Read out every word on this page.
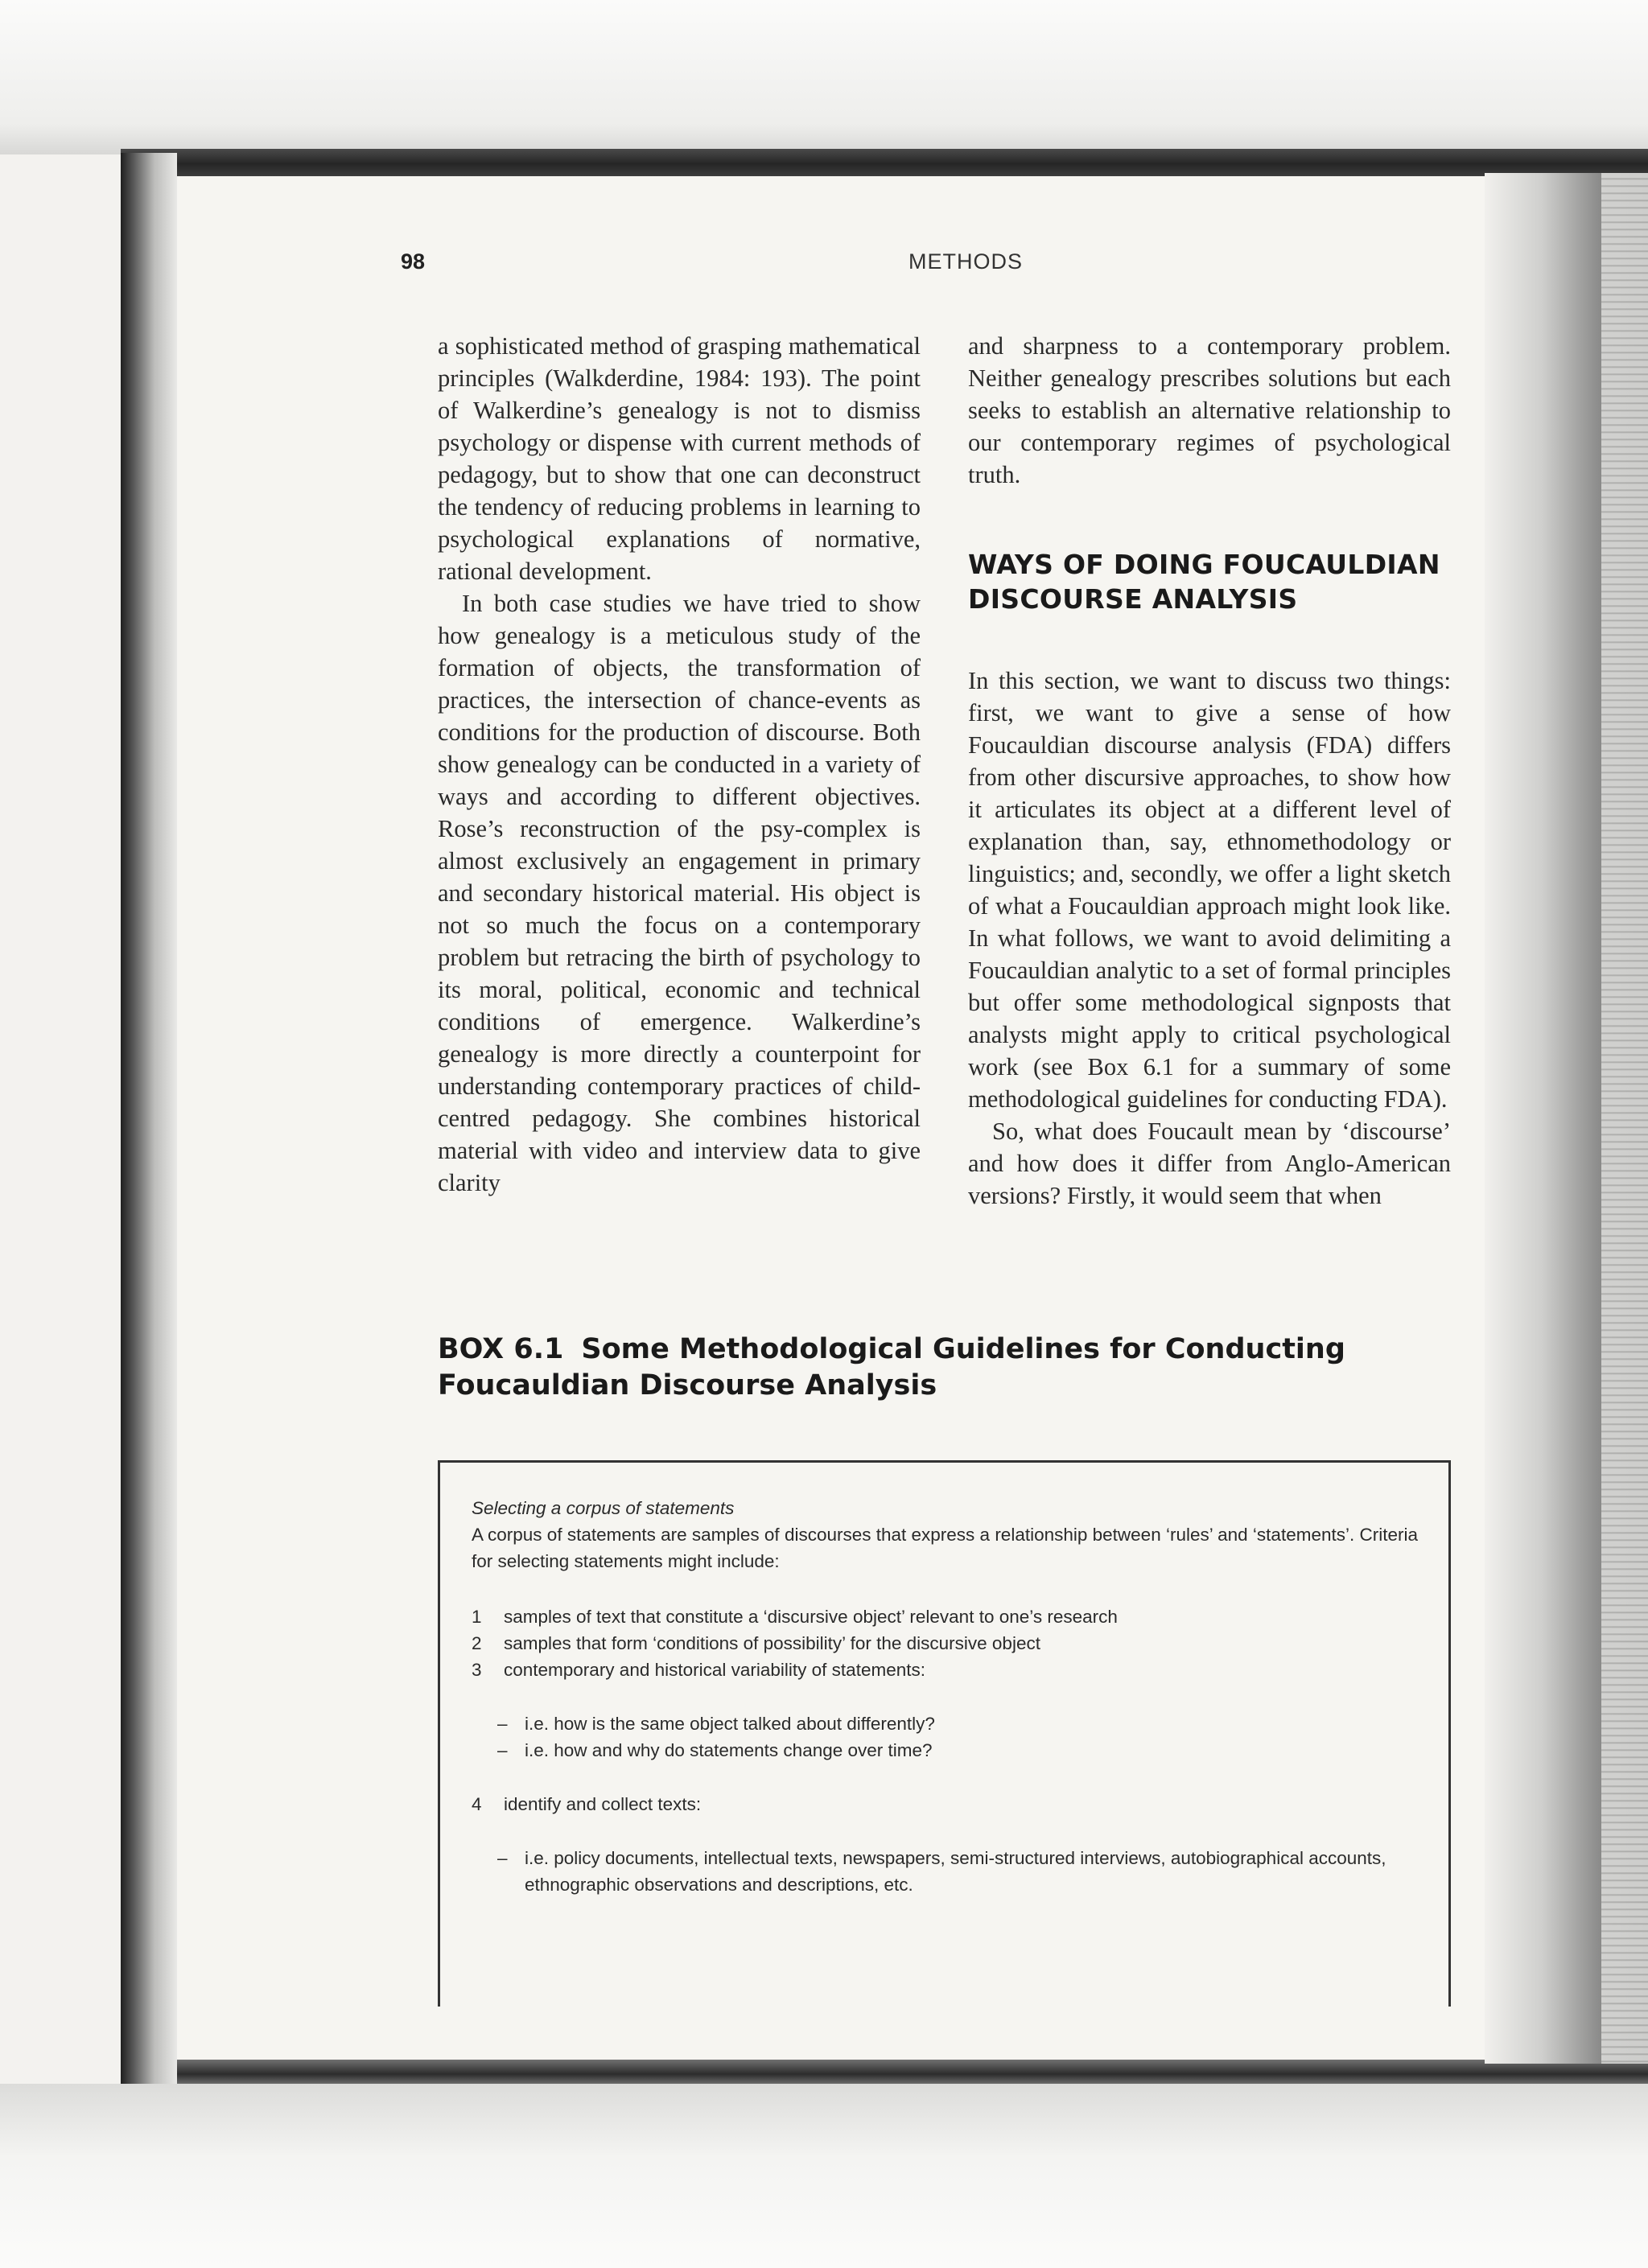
98	METHODS

a sophisticated method of grasping mathematical principles (Walkderdine, 1984: 193). The point of Walkerdine’s genealogy is not to dismiss psychology or dispense with current methods of pedagogy, but to show that one can deconstruct the tendency of reducing problems in learning to psychological explanations of normative, rational development.

In both case studies we have tried to show how genealogy is a meticulous study of the formation of objects, the transformation of practices, the intersection of chance-events as conditions for the production of discourse. Both show genealogy can be conducted in a variety of ways and according to different objectives. Rose’s reconstruction of the psy-complex is almost exclusively an engagement in primary and secondary historical material. His object is not so much the focus on a contemporary problem but retracing the birth of psychology to its moral, political, economic and technical conditions of emergence. Walkerdine’s genealogy is more directly a counterpoint for understanding contemporary practices of child-centred pedagogy. She combines historical material with video and interview data to give clarity

and sharpness to a contemporary problem. Neither genealogy prescribes solutions but each seeks to establish an alternative relationship to our contemporary regimes of psychological truth.

WAYS OF DOING FOUCAULDIAN
DISCOURSE ANALYSIS

In this section, we want to discuss two things: first, we want to give a sense of how Foucauldian discourse analysis (FDA) differs from other discursive approaches, to show how it articulates its object at a different level of explanation than, say, ethnomethodology or linguistics; and, secondly, we offer a light sketch of what a Foucauldian approach might look like. In what follows, we want to avoid delimiting a Foucauldian analytic to a set of formal principles but offer some methodological signposts that analysts might apply to critical psychological work (see Box 6.1 for a summary of some methodological guidelines for conducting FDA).

So, what does Foucault mean by ‘discourse’ and how does it differ from Anglo-American versions? Firstly, it would seem that when

BOX 6.1 Some Methodological Guidelines for Conducting Foucauldian Discourse Analysis

Selecting a corpus of statements

A corpus of statements are samples of discourses that express a relationship between ‘rules’ and ‘statements’. Criteria for selecting statements might include:

1	samples of text that constitute a ‘discursive object’ relevant to one’s research
2	samples that form ‘conditions of possibility’ for the discursive object
3	contemporary and historical variability of statements:
– i.e. how is the same object talked about differently?
– i.e. how and why do statements change over time?
4	identify and collect texts:
– i.e. policy documents, intellectual texts, newspapers, semi-structured interviews, autobiographical accounts, ethnographic observations and descriptions, etc.
